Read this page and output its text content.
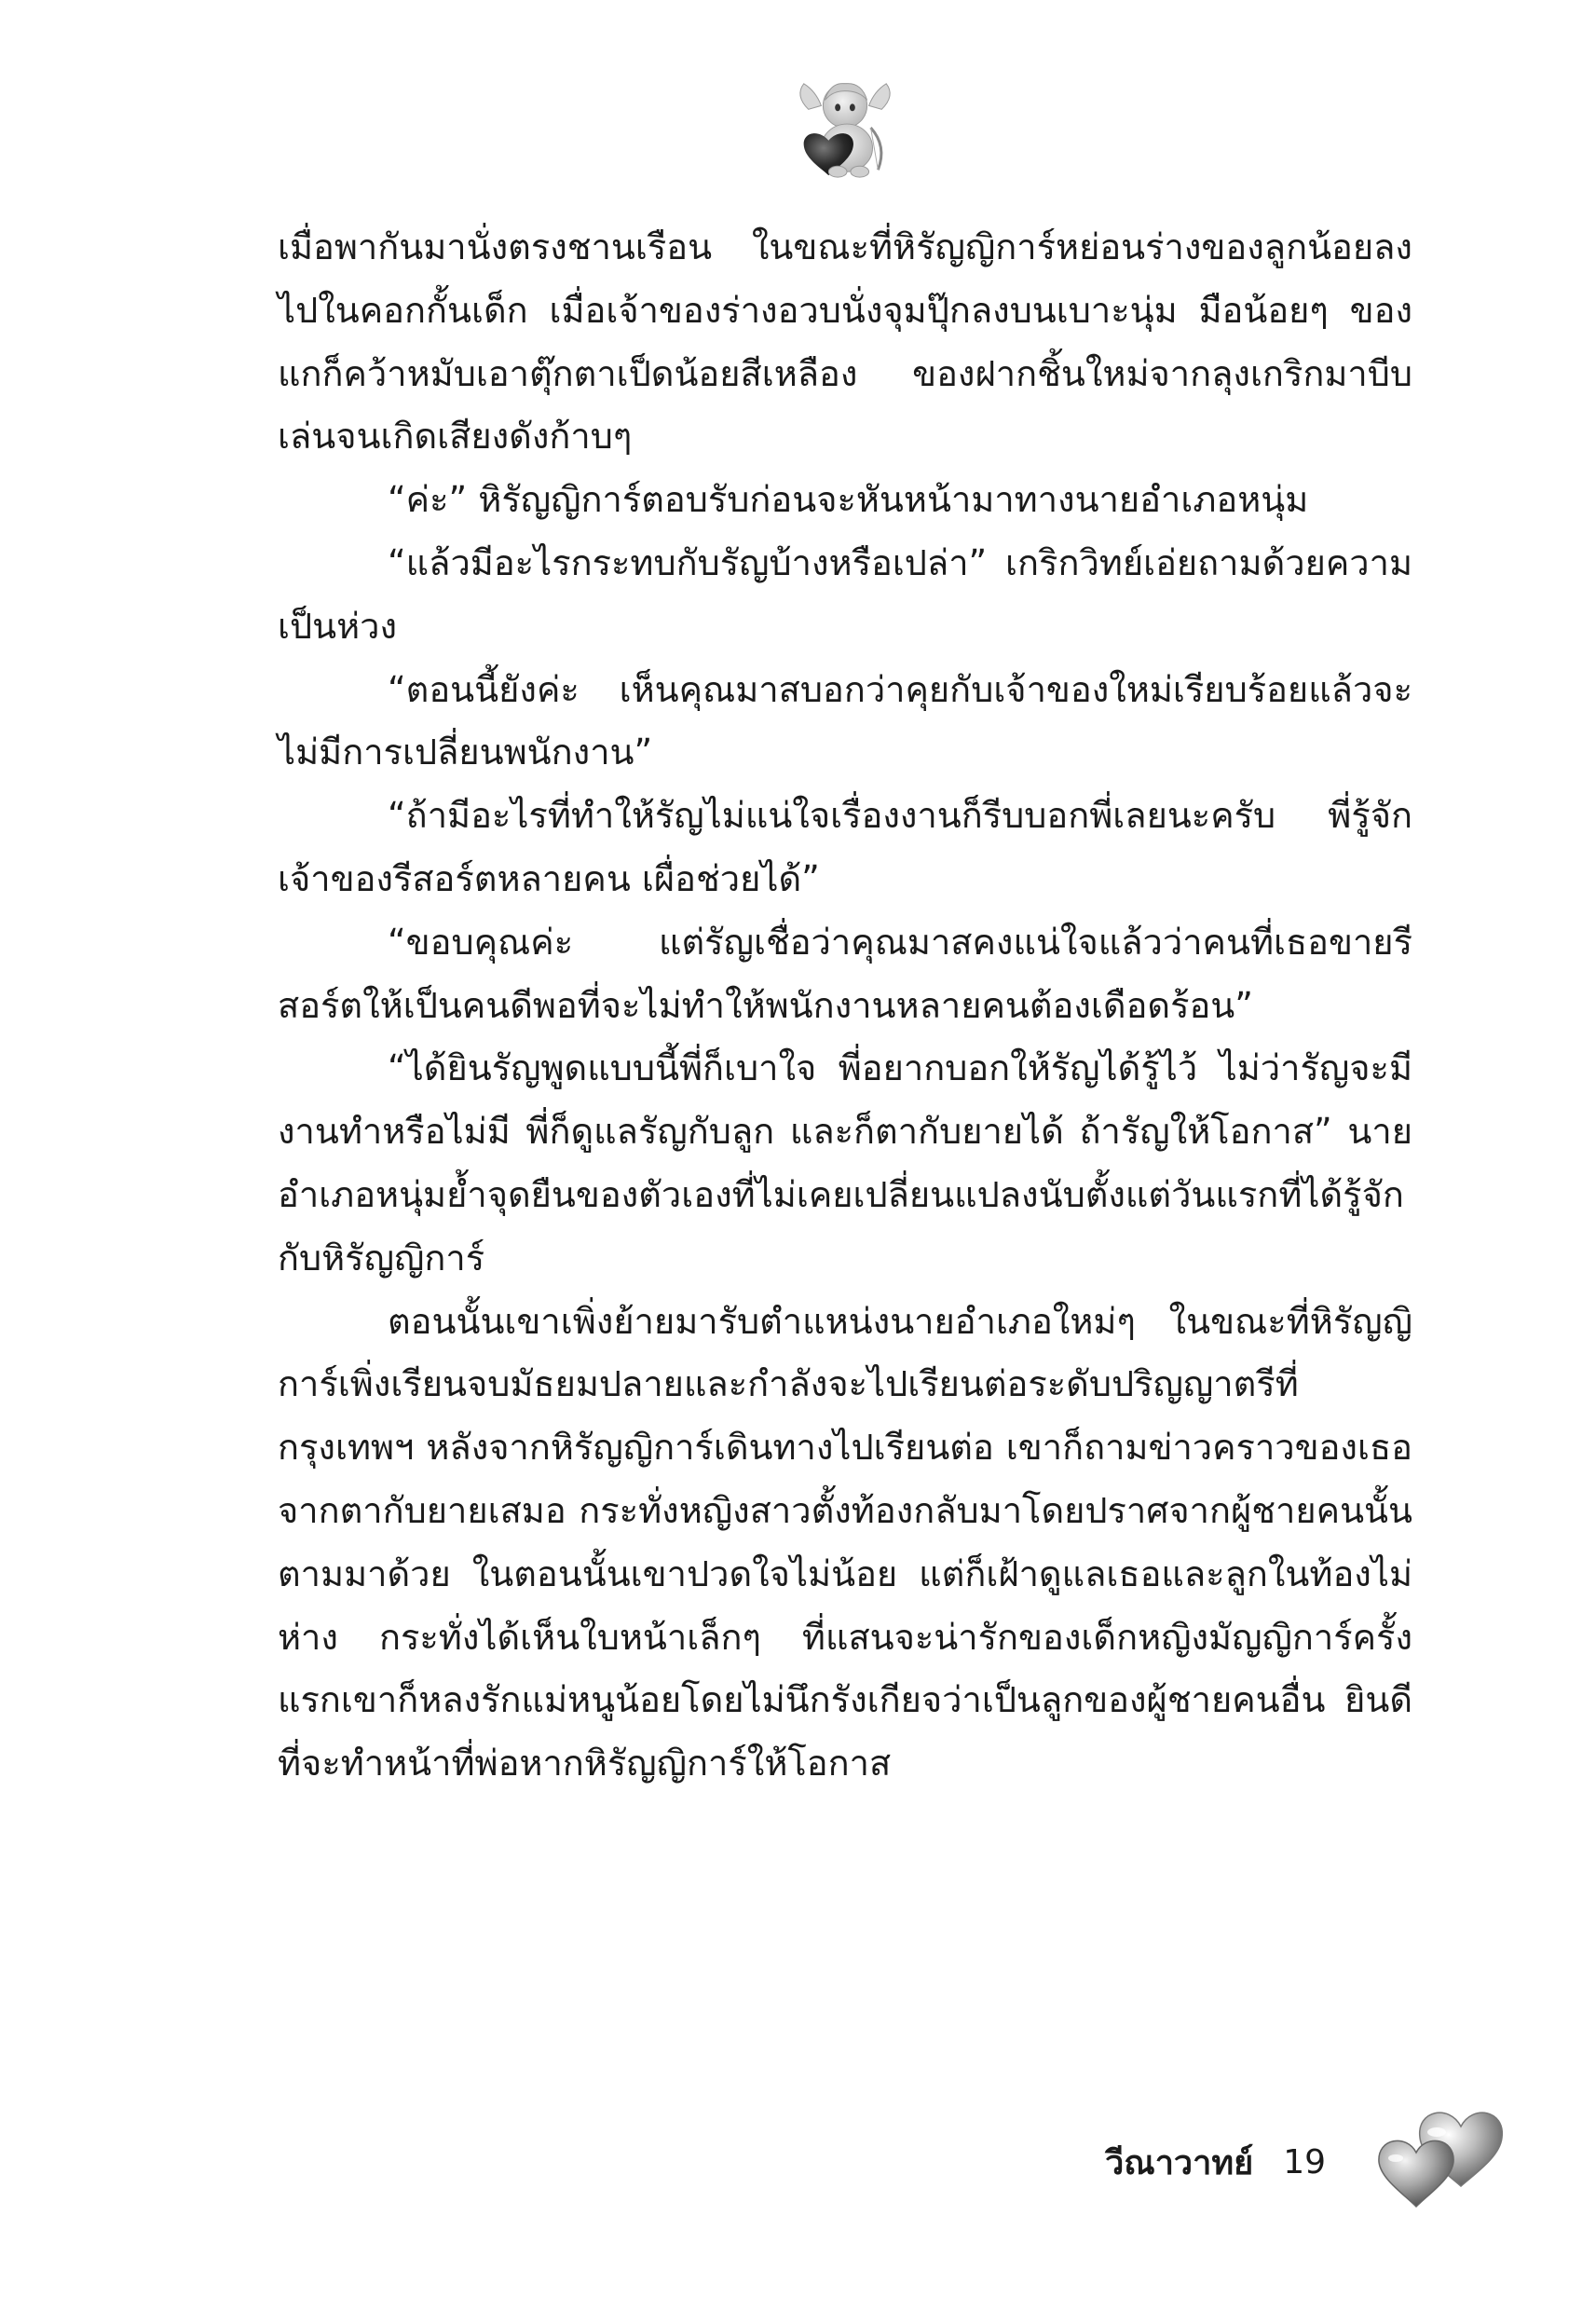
เมื่อพากันมานั่งตรงชานเรือน ในขณะที่หิรัญญิการ์หย่อนร่างของลูกน้อยลงไปในคอกกั้นเด็ก เมื่อเจ้าของร่างอวบนั่งจุมปุ๊กลงบนเบาะนุ่ม มือน้อยๆ ของแกก็คว้าหมับเอาตุ๊กตาเป็ดน้อยสีเหลือง ของฝากชิ้นใหม่จากลุงเกริกมาบีบเล่นจนเกิดเสียงดังก้าบๆ

“ค่ะ” หิรัญญิการ์ตอบรับก่อนจะหันหน้ามาทางนายอำเภอหนุ่ม

“แล้วมีอะไรกระทบกับรัญบ้างหรือเปล่า” เกริกวิทย์เอ่ยถามด้วยความเป็นห่วง

“ตอนนี้ยังค่ะ เห็นคุณมาสบอกว่าคุยกับเจ้าของใหม่เรียบร้อยแล้วจะไม่มีการเปลี่ยนพนักงาน”

“ถ้ามีอะไรที่ทำให้รัญไม่แน่ใจเรื่องงานก็รีบบอกพี่เลยนะครับ พี่รู้จักเจ้าของรีสอร์ตหลายคน เผื่อช่วยได้”

“ขอบคุณค่ะ แต่รัญเชื่อว่าคุณมาสคงแน่ใจแล้วว่าคนที่เธอขายรีสอร์ตให้เป็นคนดีพอที่จะไม่ทำให้พนักงานหลายคนต้องเดือดร้อน”

“ได้ยินรัญพูดแบบนี้พี่ก็เบาใจ พี่อยากบอกให้รัญได้รู้ไว้ ไม่ว่ารัญจะมีงานทำหรือไม่มี พี่ก็ดูแลรัญกับลูก และก็ตากับยายได้ ถ้ารัญให้โอกาส” นายอำเภอหนุ่มย้ำจุดยืนของตัวเองที่ไม่เคยเปลี่ยนแปลงนับตั้งแต่วันแรกที่ได้รู้จักกับหิรัญญิการ์

ตอนนั้นเขาเพิ่งย้ายมารับตำแหน่งนายอำเภอใหม่ๆ ในขณะที่หิรัญญิการ์เพิ่งเรียนจบมัธยมปลายและกำลังจะไปเรียนต่อระดับปริญญาตรีที่กรุงเทพฯ หลังจากหิรัญญิการ์เดินทางไปเรียนต่อ เขาก็ถามข่าวคราวของเธอจากตากับยายเสมอ กระทั่งหญิงสาวตั้งท้องกลับมาโดยปราศจากผู้ชายคนนั้นตามมาด้วย ในตอนนั้นเขาปวดใจไม่น้อย แต่ก็เฝ้าดูแลเธอและลูกในท้องไม่ห่าง กระทั่งได้เห็นใบหน้าเล็กๆ ที่แสนจะน่ารักของเด็กหญิงมัญญิการ์ครั้งแรกเขาก็หลงรักแม่หนูน้อยโดยไม่นึกรังเกียจว่าเป็นลูกของผู้ชายคนอื่น ยินดีที่จะทำหน้าที่พ่อหากหิรัญญิการ์ให้โอกาส

วีณาวาทย์ 19
